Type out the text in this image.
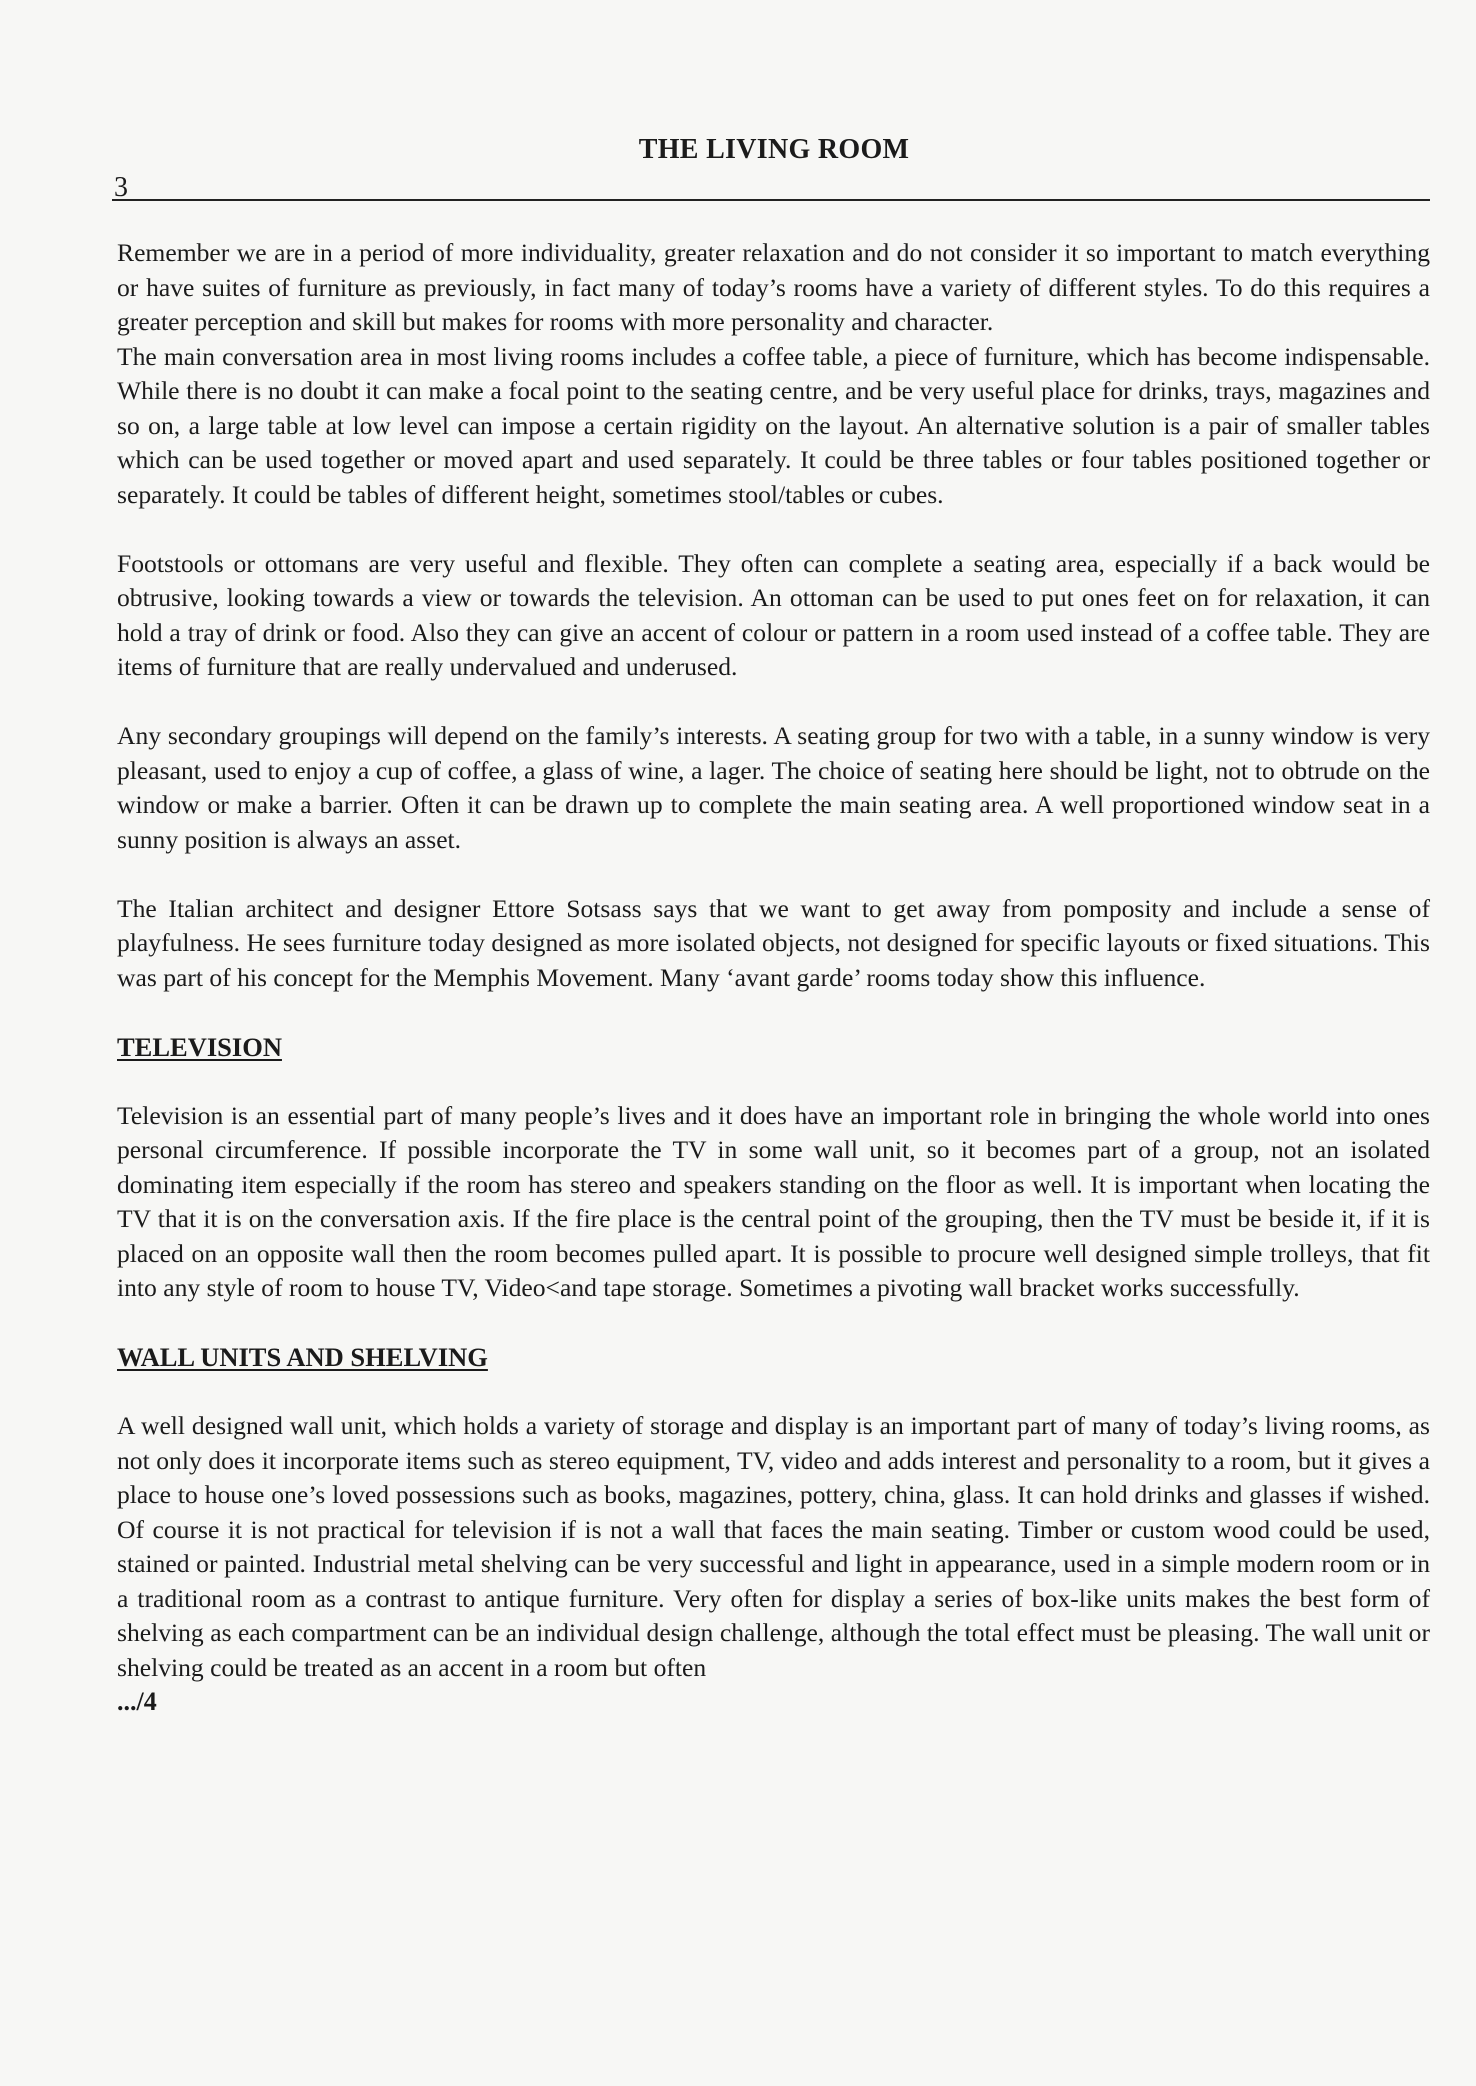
THE LIVING ROOM
3

Remember we are in a period of more individuality, greater relaxation and do not consider it so important to match everything or have suites of furniture as previously, in fact many of today’s rooms have a variety of different styles. To do this requires a greater perception and skill but makes for rooms with more personality and character.

The main conversation area in most living rooms includes a coffee table, a piece of furniture, which has become indispensable. While there is no doubt it can make a focal point to the seating centre, and be very useful place for drinks, trays, magazines and so on, a large table at low level can impose a certain rigidity on the layout. An alternative solution is a pair of smaller tables which can be used together or moved apart and used separately. It could be three tables or four tables positioned together or separately. It could be tables of different height, sometimes stool/tables or cubes.

Footstools or ottomans are very useful and flexible. They often can complete a seating area, especially if a back would be obtrusive, looking towards a view or towards the television. An ottoman can be used to put ones feet on for relaxation, it can hold a tray of drink or food. Also they can give an accent of colour or pattern in a room used instead of a coffee table. They are items of furniture that are really undervalued and underused.

Any secondary groupings will depend on the family’s interests. A seating group for two with a table, in a sunny window is very pleasant, used to enjoy a cup of coffee, a glass of wine, a lager. The choice of seating here should be light, not to obtrude on the window or make a barrier. Often it can be drawn up to complete the main seating area. A well proportioned window seat in a sunny position is always an asset.

The Italian architect and designer Ettore Sotsass says that we want to get away from pomposity and include a sense of playfulness. He sees furniture today designed as more isolated objects, not designed for specific layouts or fixed situations. This was part of his concept for the Memphis Movement. Many ‘avant garde’ rooms today show this influence.

TELEVISION

Television is an essential part of many people’s lives and it does have an important role in bringing the whole world into ones personal circumference. If possible incorporate the TV in some wall unit, so it becomes part of a group, not an isolated dominating item especially if the room has stereo and speakers standing on the floor as well. It is important when locating the TV that it is on the conversation axis. If the fire place is the central point of the grouping, then the TV must be beside it, if it is placed on an opposite wall then the room becomes pulled apart. It is possible to procure well designed simple trolleys, that fit into any style of room to house TV, Video<and tape storage. Sometimes a pivoting wall bracket works successfully.

WALL UNITS AND SHELVING

A well designed wall unit, which holds a variety of storage and display is an important part of many of today’s living rooms, as not only does it incorporate items such as stereo equipment, TV, video and adds interest and personality to a room, but it gives a place to house one’s loved possessions such as books, magazines, pottery, china, glass. It can hold drinks and glasses if wished. Of course it is not practical for television if is not a wall that faces the main seating. Timber or custom wood could be used, stained or painted. Industrial metal shelving can be very successful and light in appearance, used in a simple modern room or in a traditional room as a contrast to antique furniture. Very often for display a series of box-like units makes the best form of shelving as each compartment can be an individual design challenge, although the total effect must be pleasing. The wall unit or shelving could be treated as an accent in a room but often

.../4
